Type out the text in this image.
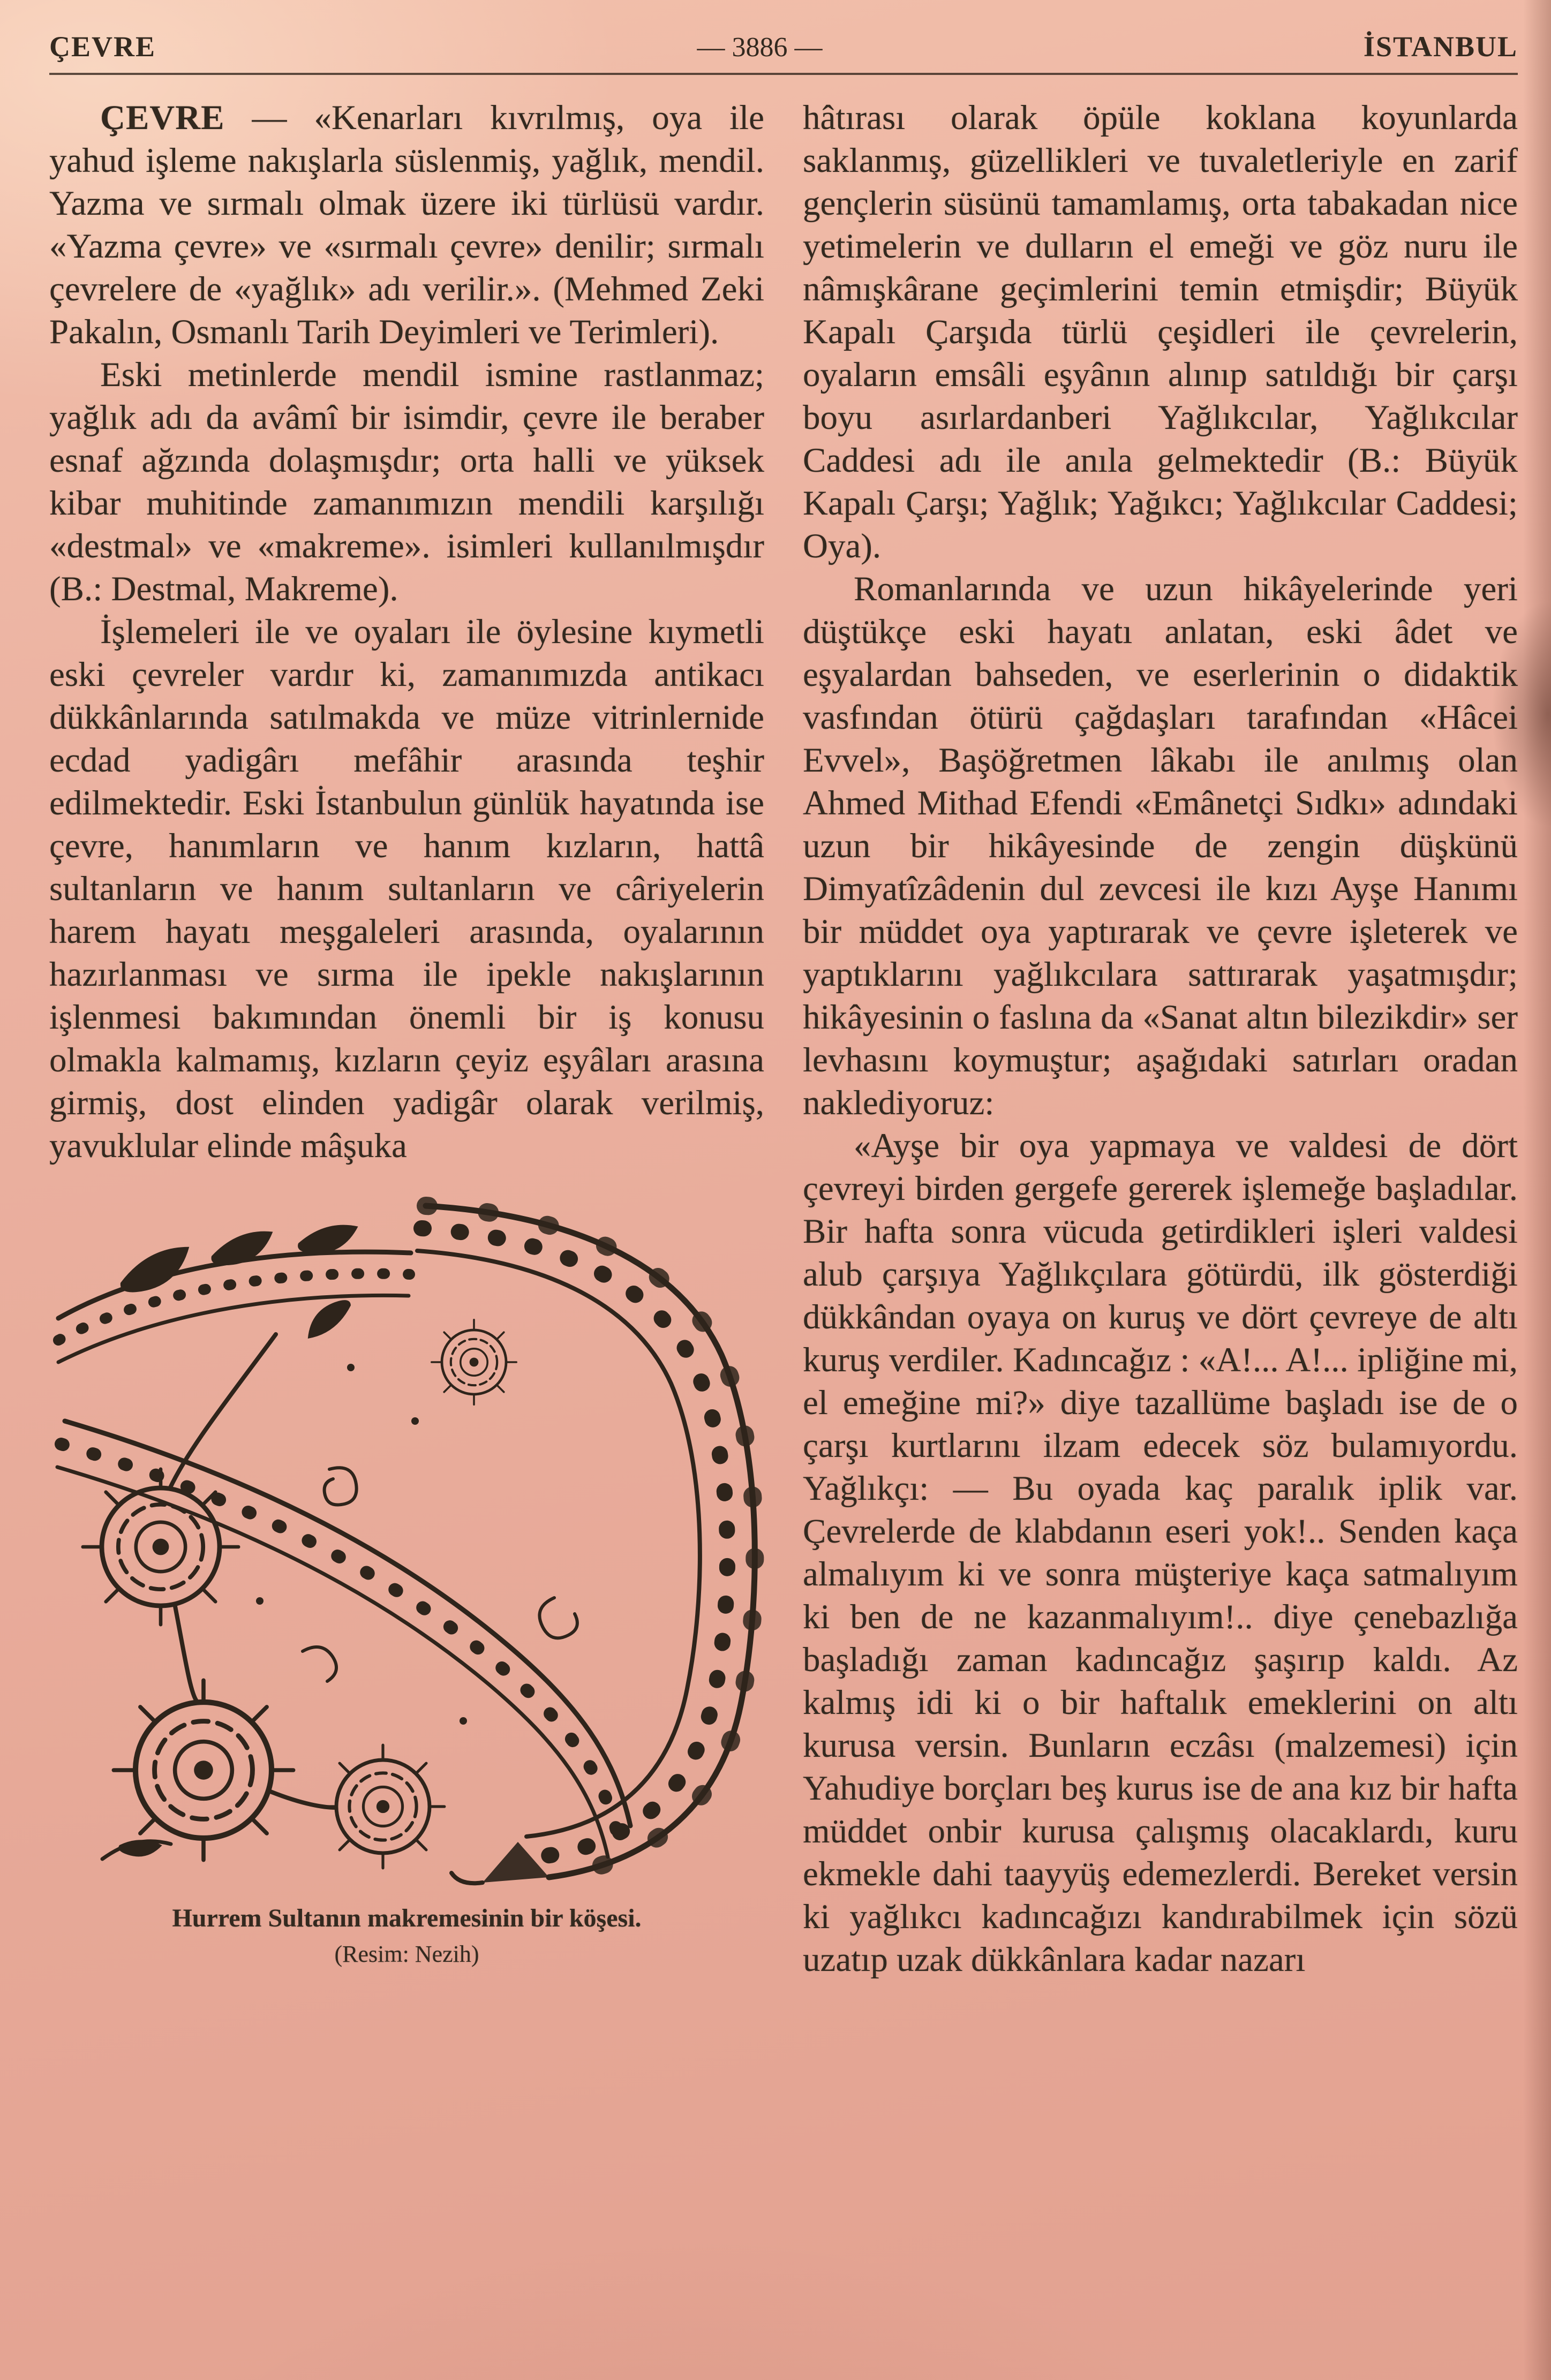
ÇEVRE	— 3886 —	İSTANBUL

ÇEVRE — «Kenarları kıvrılmış, oya ile yahud işleme nakışlarla süslenmiş, yağlık, mendil. Yazma ve sırmalı olmak üzere iki türlüsü vardır. «Yazma çevre» ve «sırmalı çevre» denilir; sırmalı çevrelere de «yağlık» adı verilir.». (Mehmed Zeki Pakalın, Osmanlı Tarih Deyimleri ve Terimleri).

Eski metinlerde mendil ismine rastlanmaz; yağlık adı da avâmî bir isimdir, çevre ile beraber esnaf ağzında dolaşmışdır; orta halli ve yüksek kibar muhitinde zamanımızın mendili karşılığı «destmal» ve «makreme». isimleri kullanılmışdır (B.: Destmal, Makreme).

İşlemeleri ile ve oyaları ile öylesine kıymetli eski çevreler vardır ki, zamanımızda antikacı dükkânlarında satılmakda ve müze vitrinlernide ecdad yadigârı mefâhir arasında teşhir edilmektedir. Eski İstanbulun günlük hayatında ise çevre, hanımların ve hanım kızların, hattâ sultanların ve hanım sultanların ve câriyelerin harem hayatı meşgaleleri arasında, oyalarının hazırlanması ve sırma ile ipekle nakışlarının işlenmesi bakımından önemli bir iş konusu olmakla kalmamış, kızların çeyiz eşyâları arasına girmiş, dost elinden yadigâr olarak verilmiş, yavuklular elinde mâşuka

Hurrem Sultanın makremesinin bir köşesi.
(Resim: Nezih)

hâtırası olarak öpüle koklana koyunlarda saklanmış, güzellikleri ve tuvaletleriyle en zarif gençlerin süsünü tamamlamış, orta tabakadan nice yetimelerin ve dulların el emeği ve göz nuru ile nâmışkârane geçimlerini temin etmişdir; Büyük Kapalı Çarşıda türlü çeşidleri ile çevrelerin, oyaların emsâli eşyânın alınıp satıldığı bir çarşı boyu asırlardanberi Yağlıkcılar, Yağlıkcılar Caddesi adı ile anıla gelmektedir (B.: Büyük Kapalı Çarşı; Yağlık; Yağıkcı; Yağlıkcılar Caddesi; Oya).

Romanlarında ve uzun hikâyelerinde yeri düştükçe eski hayatı anlatan, eski âdet ve eşyalardan bahseden, ve eserlerinin o didaktik vasfından ötürü çağdaşları tarafından «Hâcei Evvel», Başöğretmen lâkabı ile anılmış olan Ahmed Mithad Efendi «Emânetçi Sıdkı» adındaki uzun bir hikâyesinde de zengin düşkünü Dimyatîzâdenin dul zevcesi ile kızı Ayşe Hanımı bir müddet oya yaptırarak ve çevre işleterek ve yaptıklarını yağlıkcılara sattırarak yaşatmışdır; hikâyesinin o faslına da «Sanat altın bilezikdir» ser levhasını koymuştur; aşağıdaki satırları oradan naklediyoruz:

«Ayşe bir oya yapmaya ve valdesi de dört çevreyi birden gergefe gererek işlemeğe başladılar. Bir hafta sonra vücuda getirdikleri işleri valdesi alub çarşıya Yağlıkçılara götürdü, ilk gösterdiği dükkândan oyaya on kuruş ve dört çevreye de altı kuruş verdiler. Kadıncağız : «A!... A!... ipliğine mi, el emeğine mi?» diye tazallüme başladı ise de o çarşı kurtlarını ilzam edecek söz bulamıyordu. Yağlıkçı: — Bu oyada kaç paralık iplik var. Çevrelerde de klabdanın eseri yok!.. Senden kaça almalıyım ki ve sonra müşteriye kaça satmalıyım ki ben de ne kazanmalıyım!.. diye çenebazlığa başladığı zaman kadıncağız şaşırıp kaldı. Az kalmış idi ki o bir haftalık emeklerini on altı kurusa versin. Bunların eczâsı (malzemesi) için Yahudiye borçları beş kurus ise de ana kız bir hafta müddet onbir kurusa çalışmış olacaklardı, kuru ekmekle dahi taayyüş edemezlerdi. Bereket versin ki yağlıkcı kadıncağızı kandırabilmek için sözü uzatıp uzak dükkânlara kadar nazarı
